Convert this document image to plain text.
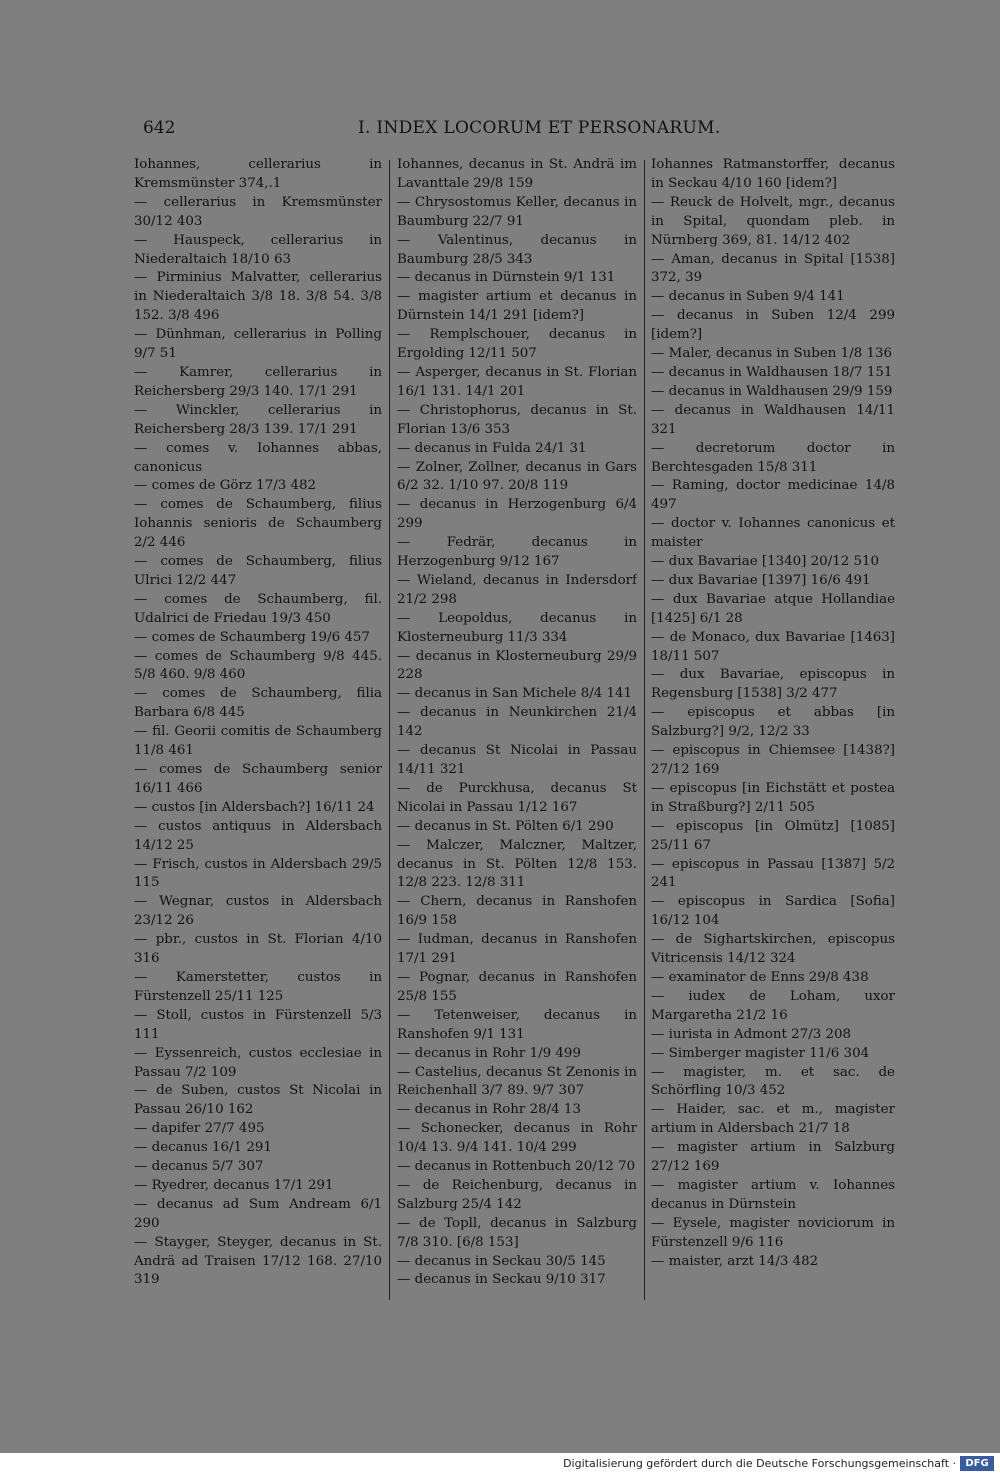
642	I. INDEX LOCORUM ET PERSONARUM.

Iohannes, cellerarius in Kremsmünster 374,.1

— cellerarius in Kremsmünster 30/12 403

— Hauspeck, cellerarius in Niederaltaich 18/10 63

— Pirminius Malvatter, cellerarius in Niederaltaich 3/8 18. 3/8 54. 3/8 152. 3/8 496

— Dünhman, cellerarius in Polling 9/7 51

— Kamrer, cellerarius in Reichersberg 29/3 140. 17/1 291

— Winckler, cellerarius in Reichersberg 28/3 139. 17/1 291

— comes v. Iohannes abbas, canonicus

— comes de Görz 17/3 482

— comes de Schaumberg, filius Iohannis senioris de Schaumberg 2/2 446

— comes de Schaumberg, filius Ulrici 12/2 447

— comes de Schaumberg, fil. Udalrici de Friedau 19/3 450

— comes de Schaumberg 19/6 457

— comes de Schaumberg 9/8 445. 5/8 460. 9/8 460

— comes de Schaumberg, filia Barbara 6/8 445

— fil. Georii comitis de Schaumberg 11/8 461

— comes de Schaumberg senior 16/11 466

— custos [in Aldersbach?] 16/11 24

— custos antiquus in Aldersbach 14/12 25

— Frisch, custos in Aldersbach 29/5 115

— Wegnar, custos in Aldersbach 23/12 26

— pbr., custos in St. Florian 4/10 316

— Kamerstetter, custos in Fürstenzell 25/11 125

— Stoll, custos in Fürstenzell 5/3 111

— Eyssenreich, custos ecclesiae in Passau 7/2 109

— de Suben, custos St Nicolai in Passau 26/10 162

— dapifer 27/7 495

— decanus 16/1 291

— decanus 5/7 307

— Ryedrer, decanus 17/1 291

— decanus ad Sum Andream 6/1 290

— Stayger, Steyger, decanus in St. Andrä ad Traisen 17/12 168. 27/10 319

Iohannes, decanus in St. Andrä im Lavanttale 29/8 159

— Chrysostomus Keller, decanus in Baumburg 22/7 91

— Valentinus, decanus in Baumburg 28/5 343

— decanus in Dürnstein 9/1 131

— magister artium et decanus in Dürnstein 14/1 291 [idem?]

— Remplschouer, decanus in Ergolding 12/11 507

— Asperger, decanus in St. Florian 16/1 131. 14/1 201

— Christophorus, decanus in St. Florian 13/6 353

— decanus in Fulda 24/1 31

— Zolner, Zollner, decanus in Gars 6/2 32. 1/10 97. 20/8 119

— decanus in Herzogenburg 6/4 299

— Fedrär, decanus in Herzogenburg 9/12 167

— Wieland, decanus in Indersdorf 21/2 298

— Leopoldus, decanus in Klosterneuburg 11/3 334

— decanus in Klosterneuburg 29/9 228

— decanus in San Michele 8/4 141

— decanus in Neunkirchen 21/4 142

— decanus St Nicolai in Passau 14/11 321

— de Purckhusa, decanus St Nicolai in Passau 1/12 167

— decanus in St. Pölten 6/1 290

— Malczer, Malczner, Maltzer, decanus in St. Pölten 12/8 153. 12/8 223. 12/8 311

— Chern, decanus in Ranshofen 16/9 158

— Iudman, decanus in Ranshofen 17/1 291

— Pognar, decanus in Ranshofen 25/8 155

— Tetenweiser, decanus in Ranshofen 9/1 131

— decanus in Rohr 1/9 499

— Castelius, decanus St Zenonis in Reichenhall 3/7 89. 9/7 307

— decanus in Rohr 28/4 13

— Schonecker, decanus in Rohr 10/4 13. 9/4 141. 10/4 299

— decanus in Rottenbuch 20/12 70

— de Reichenburg, decanus in Salzburg 25/4 142

— de Topll, decanus in Salzburg 7/8 310. [6/8 153]

— decanus in Seckau 30/5 145

— decanus in Seckau 9/10 317

Iohannes Ratmanstorffer, decanus in Seckau 4/10 160 [idem?]

— Reuck de Holvelt, mgr., decanus in Spital, quondam pleb. in Nürnberg 369, 81. 14/12 402

— Aman, decanus in Spital [1538] 372, 39

— decanus in Suben 9/4 141

— decanus in Suben 12/4 299 [idem?]

— Maler, decanus in Suben 1/8 136

— decanus in Waldhausen 18/7 151

— decanus in Waldhausen 29/9 159

— decanus in Waldhausen 14/11 321

— decretorum doctor in Berchtesgaden 15/8 311

— Raming, doctor medicinae 14/8 497

— doctor v. Iohannes canonicus et maister

— dux Bavariae [1340] 20/12 510

— dux Bavariae [1397] 16/6 491

— dux Bavariae atque Hollandiae [1425] 6/1 28

— de Monaco, dux Bavariae [1463] 18/11 507

— dux Bavariae, episcopus in Regensburg [1538] 3/2 477

— episcopus et abbas [in Salzburg?] 9/2, 12/2 33

— episcopus in Chiemsee [1438?] 27/12 169

— episcopus [in Eichstätt et postea in Straßburg?] 2/11 505

— episcopus [in Olmütz] [1085] 25/11 67

— episcopus in Passau [1387] 5/2 241

— episcopus in Sardica [Sofia] 16/12 104

— de Sighartskirchen, episcopus Vitricensis 14/12 324

— examinator de Enns 29/8 438

— iudex de Loham, uxor Margaretha 21/2 16

— iurista in Admont 27/3 208

— Simberger magister 11/6 304

— magister, m. et sac. de Schörfling 10/3 452

— Haider, sac. et m., magister artium in Aldersbach 21/7 18

— magister artium in Salzburg 27/12 169

— magister artium v. Iohannes decanus in Dürnstein

— Eysele, magister noviciorum in Fürstenzell 9/6 116

— maister, arzt 14/3 482

Digitalisierung gefördert durch die Deutsche Forschungsgemeinschaft · DFG
